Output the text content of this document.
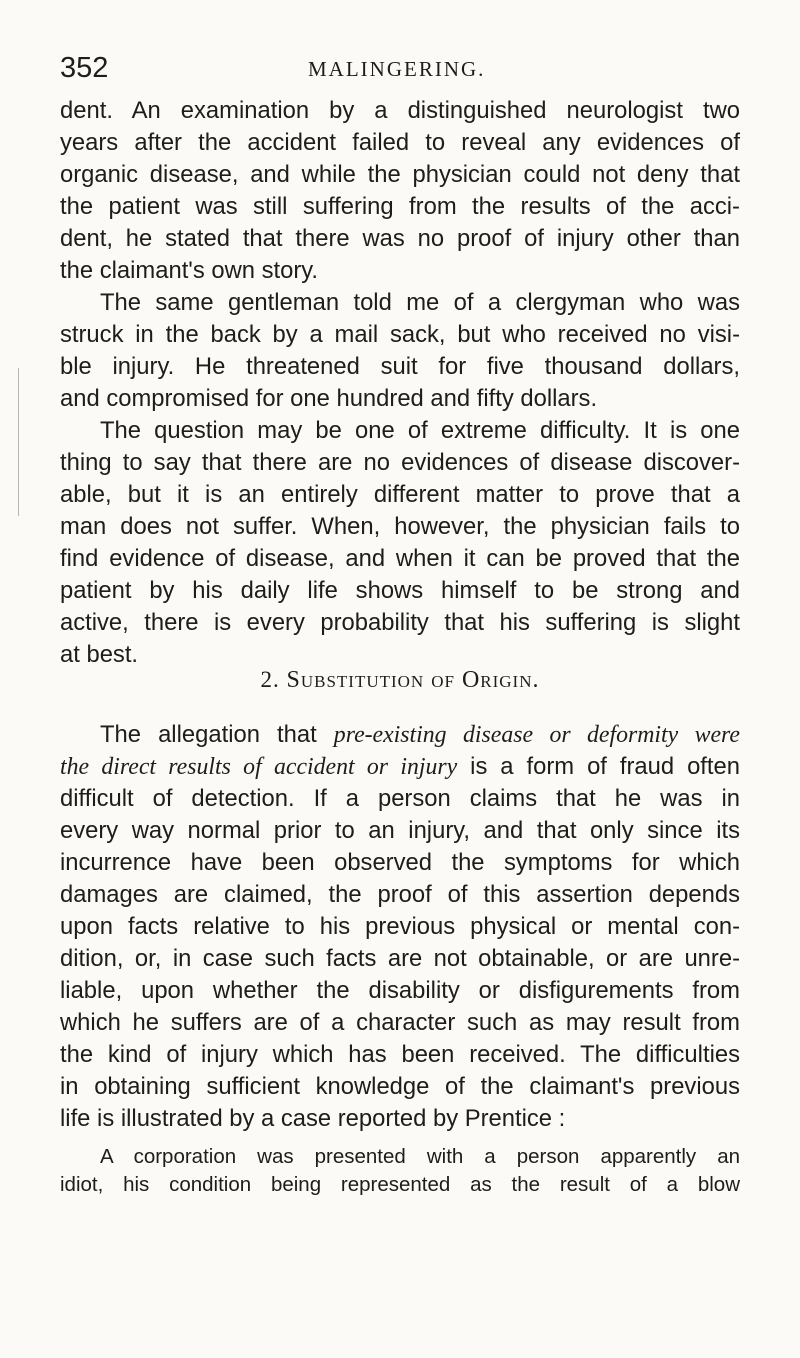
352	MALINGERING.
dent. An examination by a distinguished neurologist two
years after the accident failed to reveal any evidences of
organic disease, and while the physician could not deny that
the patient was still suffering from the results of the acci-
dent, he stated that there was no proof of injury other than
the claimant's own story.
The same gentleman told me of a clergyman who was
struck in the back by a mail sack, but who received no visi-
ble injury. He threatened suit for five thousand dollars,
and compromised for one hundred and fifty dollars.
The question may be one of extreme difficulty. It is one
thing to say that there are no evidences of disease discover-
able, but it is an entirely different matter to prove that a
man does not suffer. When, however, the physician fails to
find evidence of disease, and when it can be proved that the
patient by his daily life shows himself to be strong and
active, there is every probability that his suffering is slight
at best.
2. Substitution of Origin.
The allegation that pre-existing disease or deformity were
the direct results of accident or injury is a form of fraud often
difficult of detection. If a person claims that he was in
every way normal prior to an injury, and that only since its
incurrence have been observed the symptoms for which
damages are claimed, the proof of this assertion depends
upon facts relative to his previous physical or mental con-
dition, or, in case such facts are not obtainable, or are unre-
liable, upon whether the disability or disfigurements from
which he suffers are of a character such as may result from
the kind of injury which has been received. The difficulties
in obtaining sufficient knowledge of the claimant's previous
life is illustrated by a case reported by Prentice :
A corporation was presented with a person apparently an
idiot, his condition being represented as the result of a blow
